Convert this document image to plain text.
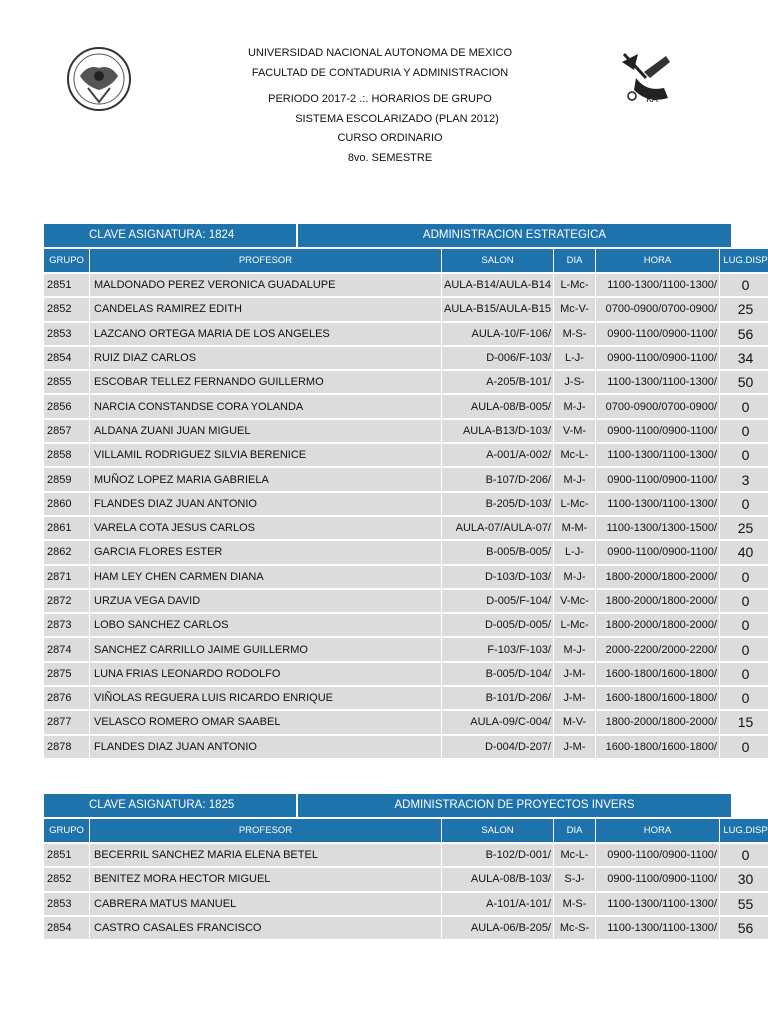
UNIVERSIDAD NACIONAL AUTONOMA DE MEXICO
FACULTAD DE CONTADURIA Y ADMINISTRACION
PERIODO 2017-2 .:. HORARIOS DE GRUPO
SISTEMA ESCOLARIZADO (PLAN 2012)
CURSO ORDINARIO
8vo. SEMESTRE
KA
CLAVE ASIGNATURA: 1824	ADMINISTRACION ESTRATEGICA
GRUPO	PROFESOR	SALON	DIA	HORA	LUG.DISP
2851	MALDONADO PEREZ VERONICA GUADALUPE	AULA-B14/AULA-B14	L-Mc-	1100-1300/1100-1300/	0
2852	CANDELAS RAMIREZ EDITH	AULA-B15/AULA-B15	Mc-V-	0700-0900/0700-0900/	25
2853	LAZCANO ORTEGA MARIA DE LOS ANGELES	AULA-10/F-106/	M-S-	0900-1100/0900-1100/	56
2854	RUIZ DIAZ CARLOS	D-006/F-103/	L-J-	0900-1100/0900-1100/	34
2855	ESCOBAR TELLEZ FERNANDO GUILLERMO	A-205/B-101/	J-S-	1100-1300/1100-1300/	50
2856	NARCIA CONSTANDSE CORA YOLANDA	AULA-08/B-005/	M-J-	0700-0900/0700-0900/	0
2857	ALDANA ZUANI JUAN MIGUEL	AULA-B13/D-103/	V-M-	0900-1100/0900-1100/	0
2858	VILLAMIL RODRIGUEZ SILVIA BERENICE	A-001/A-002/	Mc-L-	1100-1300/1100-1300/	0
2859	MUÑOZ LOPEZ MARIA GABRIELA	B-107/D-206/	M-J-	0900-1100/0900-1100/	3
2860	FLANDES DIAZ JUAN ANTONIO	B-205/D-103/	L-Mc-	1100-1300/1100-1300/	0
2861	VARELA COTA JESUS CARLOS	AULA-07/AULA-07/	M-M-	1100-1300/1300-1500/	25
2862	GARCIA FLORES ESTER	B-005/B-005/	L-J-	0900-1100/0900-1100/	40
2871	HAM LEY CHEN CARMEN DIANA	D-103/D-103/	M-J-	1800-2000/1800-2000/	0
2872	URZUA VEGA DAVID	D-005/F-104/	V-Mc-	1800-2000/1800-2000/	0
2873	LOBO SANCHEZ CARLOS	D-005/D-005/	L-Mc-	1800-2000/1800-2000/	0
2874	SANCHEZ CARRILLO JAIME GUILLERMO	F-103/F-103/	M-J-	2000-2200/2000-2200/	0
2875	LUNA FRIAS LEONARDO RODOLFO	B-005/D-104/	J-M-	1600-1800/1600-1800/	0
2876	VIÑOLAS REGUERA LUIS RICARDO ENRIQUE	B-101/D-206/	J-M-	1600-1800/1600-1800/	0
2877	VELASCO ROMERO OMAR SAABEL	AULA-09/C-004/	M-V-	1800-2000/1800-2000/	15
2878	FLANDES DIAZ JUAN ANTONIO	D-004/D-207/	J-M-	1600-1800/1600-1800/	0
CLAVE ASIGNATURA: 1825	ADMINISTRACION DE PROYECTOS INVERS
GRUPO	PROFESOR	SALON	DIA	HORA	LUG.DISP
2851	BECERRIL SANCHEZ MARIA ELENA BETEL	B-102/D-001/	Mc-L-	0900-1100/0900-1100/	0
2852	BENITEZ MORA HECTOR MIGUEL	AULA-08/B-103/	S-J-	0900-1100/0900-1100/	30
2853	CABRERA MATUS MANUEL	A-101/A-101/	M-S-	1100-1300/1100-1300/	55
2854	CASTRO CASALES FRANCISCO	AULA-06/B-205/	Mc-S-	1100-1300/1100-1300/	56
